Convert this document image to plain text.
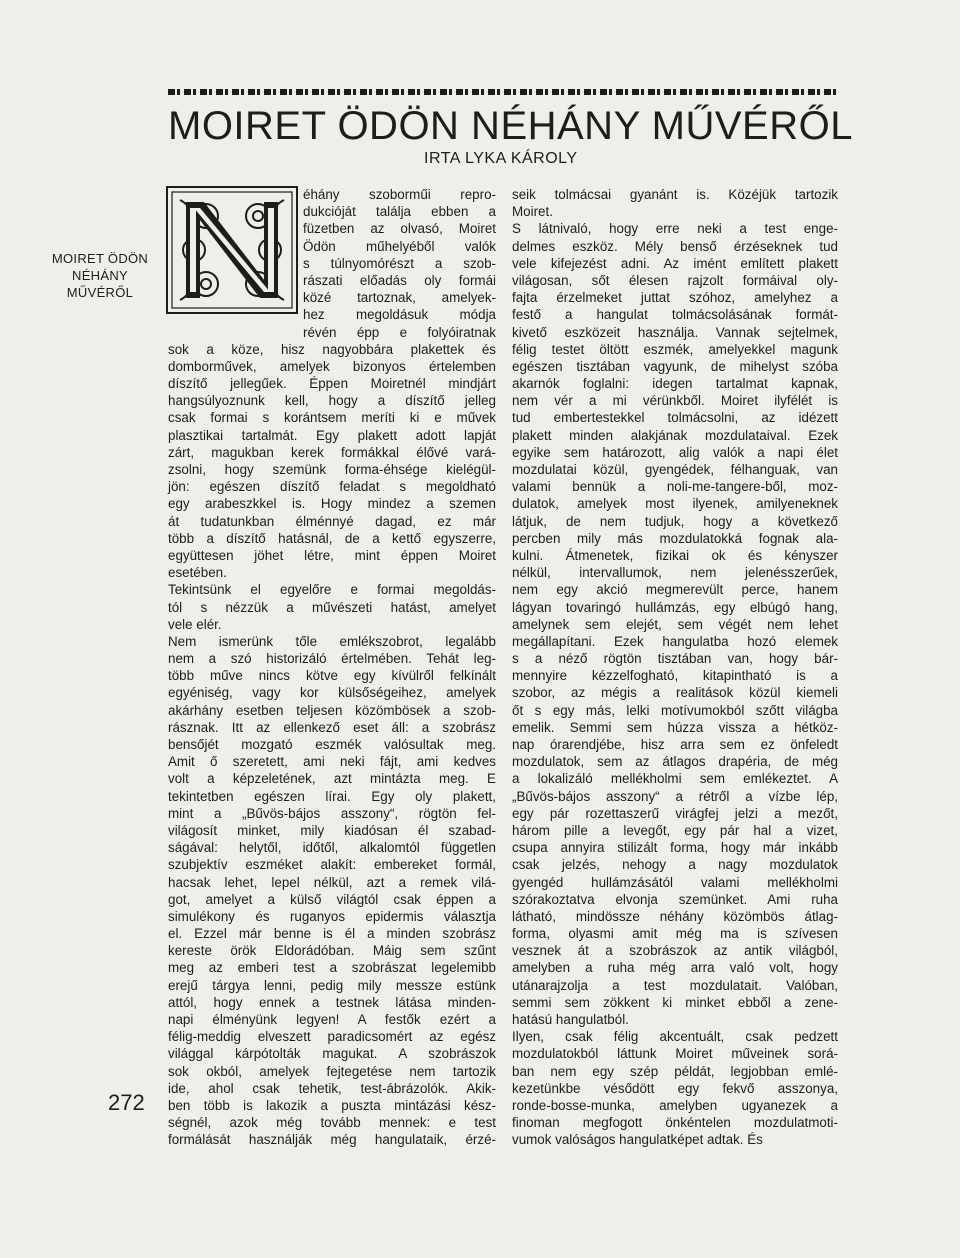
MOIRET ÖDÖN NÉHÁNY MŰVÉRŐL
IRTA LYKA KÁROLY
MOIRET ÖDÖN
NÉHÁNY
MŰVÉRŐL
272
éhány szoborműi repro-
dukcióját találja ebben a
füzetben az olvasó, Moiret
Ödön műhelyéből valók
s túlnyomórészt a szob-
rászati előadás oly formái
közé tartoznak, amelyek-
hez megoldásuk módja
révén épp e folyóiratnak
sok a köze, hisz nagyobbára plakettek és
domborművek, amelyek bizonyos értelemben
díszítő jellegűek. Éppen Moiretnél mindjárt
hangsúlyoznunk kell, hogy a díszítő jelleg
csak formai s korántsem meríti ki e művek
plasztikai tartalmát. Egy plakett adott lapját
zárt, magukban kerek formákkal élővé vará-
zsolni, hogy szemünk forma-éhsége kielégül-
jön: egészen díszítő feladat s megoldható
egy arabeszkkel is. Hogy mindez a szemen
át tudatunkban élménnyé dagad, ez már
több a díszítő hatásnál, de a kettő egyszerre,
együttesen jöhet létre, mint éppen Moiret
esetében.
Tekintsünk el egyelőre e formai megoldás-
tól s nézzük a művészeti hatást, amelyet
vele elér.
Nem ismerünk tőle emlékszobrot, legalább
nem a szó historizáló értelmében. Tehát leg-
több műve nincs kötve egy kívülről felkínált
egyéniség, vagy kor külsőségeihez, amelyek
akárhány esetben teljesen közömbösek a szob-
rásznak. Itt az ellenkező eset áll: a szobrász
bensőjét mozgató eszmék valósultak meg.
Amit ő szeretett, ami neki fájt, ami kedves
volt a képzeletének, azt mintázta meg. E
tekintetben egészen lírai. Egy oly plakett,
mint a „Bűvös-bájos asszony“, rögtön fel-
világosít minket, mily kiadósan él szabad-
ságával: helytől, időtől, alkalomtól független
szubjektív eszméket alakít: embereket formál,
hacsak lehet, lepel nélkül, azt a remek vilá-
got, amelyet a külső világtól csak éppen a
simulékony és ruganyos epidermis választja
el. Ezzel már benne is él a minden szobrász
kereste örök Eldorádóban. Máig sem szűnt
meg az emberi test a szobrászat legelemibb
erejű tárgya lenni, pedig mily messze estünk
attól, hogy ennek a testnek látása minden-
napi élményünk legyen! A festők ezért a
félig-meddig elveszett paradicsomért az egész
világgal kárpótolták magukat. A szobrászok
sok okból, amelyek fejtegetése nem tartozik
ide, ahol csak tehetik, test-ábrázolók. Akik-
ben több is lakozik a puszta mintázási kész-
ségnél, azok még tovább mennek: e test
formálását használják még hangulataik, érzé-
seik tolmácsai gyanánt is. Közéjük tartozik
Moiret.
S látnivaló, hogy erre neki a test enge-
delmes eszköz. Mély benső érzéseknek tud
vele kifejezést adni. Az imént említett plakett
világosan, sőt élesen rajzolt formáival oly-
fajta érzelmeket juttat szóhoz, amelyhez a
festő a hangulat tolmácsolásának formát-
kivető eszközeit használja. Vannak sejtelmek,
félig testet öltött eszmék, amelyekkel magunk
egészen tisztában vagyunk, de mihelyst szóba
akarnók foglalni: idegen tartalmat kapnak,
nem vér a mi vérünkből. Moiret ilyfélét is
tud embertestekkel tolmácsolni, az idézett
plakett minden alakjának mozdulataival. Ezek
egyike sem határozott, alig valók a napi élet
mozdulatai közül, gyengédek, félhanguak, van
valami bennük a noli-me-tangere-ből, moz-
dulatok, amelyek most ilyenek, amilyeneknek
látjuk, de nem tudjuk, hogy a következő
percben mily más mozdulatokká fognak ala-
kulni. Átmenetek, fizikai ok és kényszer
nélkül, intervallumok, nem jelenésszerűek,
nem egy akció megmerevült perce, hanem
lágyan tovaringó hullámzás, egy elbúgó hang,
amelynek sem elejét, sem végét nem lehet
megállapítani. Ezek hangulatba hozó elemek
s a néző rögtön tisztában van, hogy bár-
mennyire kézzelfogható, kitapintható is a
szobor, az mégis a realitások közül kiemeli
őt s egy más, lelki motívumokból szőtt világba
emelik. Semmi sem húzza vissza a hétköz-
nap órarendjébe, hisz arra sem ez önfeledt
mozdulatok, sem az átlagos drapéria, de még
a lokalizáló mellékholmi sem emlékeztet. A
„Bűvös-bájos asszony“ a rétről a vízbe lép,
egy pár rozettaszerű virágfej jelzi a mezőt,
három pille a levegőt, egy pár hal a vizet,
csupa annyira stilizált forma, hogy már inkább
csak jelzés, nehogy a nagy mozdulatok
gyengéd hullámzásától valami mellékholmi
szórakoztatva elvonja szemünket. Ami ruha
látható, mindössze néhány közömbös átlag-
forma, olyasmi amit még ma is szívesen
vesznek át a szobrászok az antik világból,
amelyben a ruha még arra való volt, hogy
utánarajzolja a test mozdulatait. Valóban,
semmi sem zökkent ki minket ebből a zene-
hatású hangulatból.
Ilyen, csak félig akcentuált, csak pedzett
mozdulatokból láttunk Moiret műveinek sorá-
ban nem egy szép példát, legjobban emlé-
kezetünkbe vésődött egy fekvő asszonya,
ronde-bosse-munka, amelyben ugyanezek a
finoman megfogott önkéntelen mozdulatmoti-
vumok valóságos hangulatképet adtak. És
